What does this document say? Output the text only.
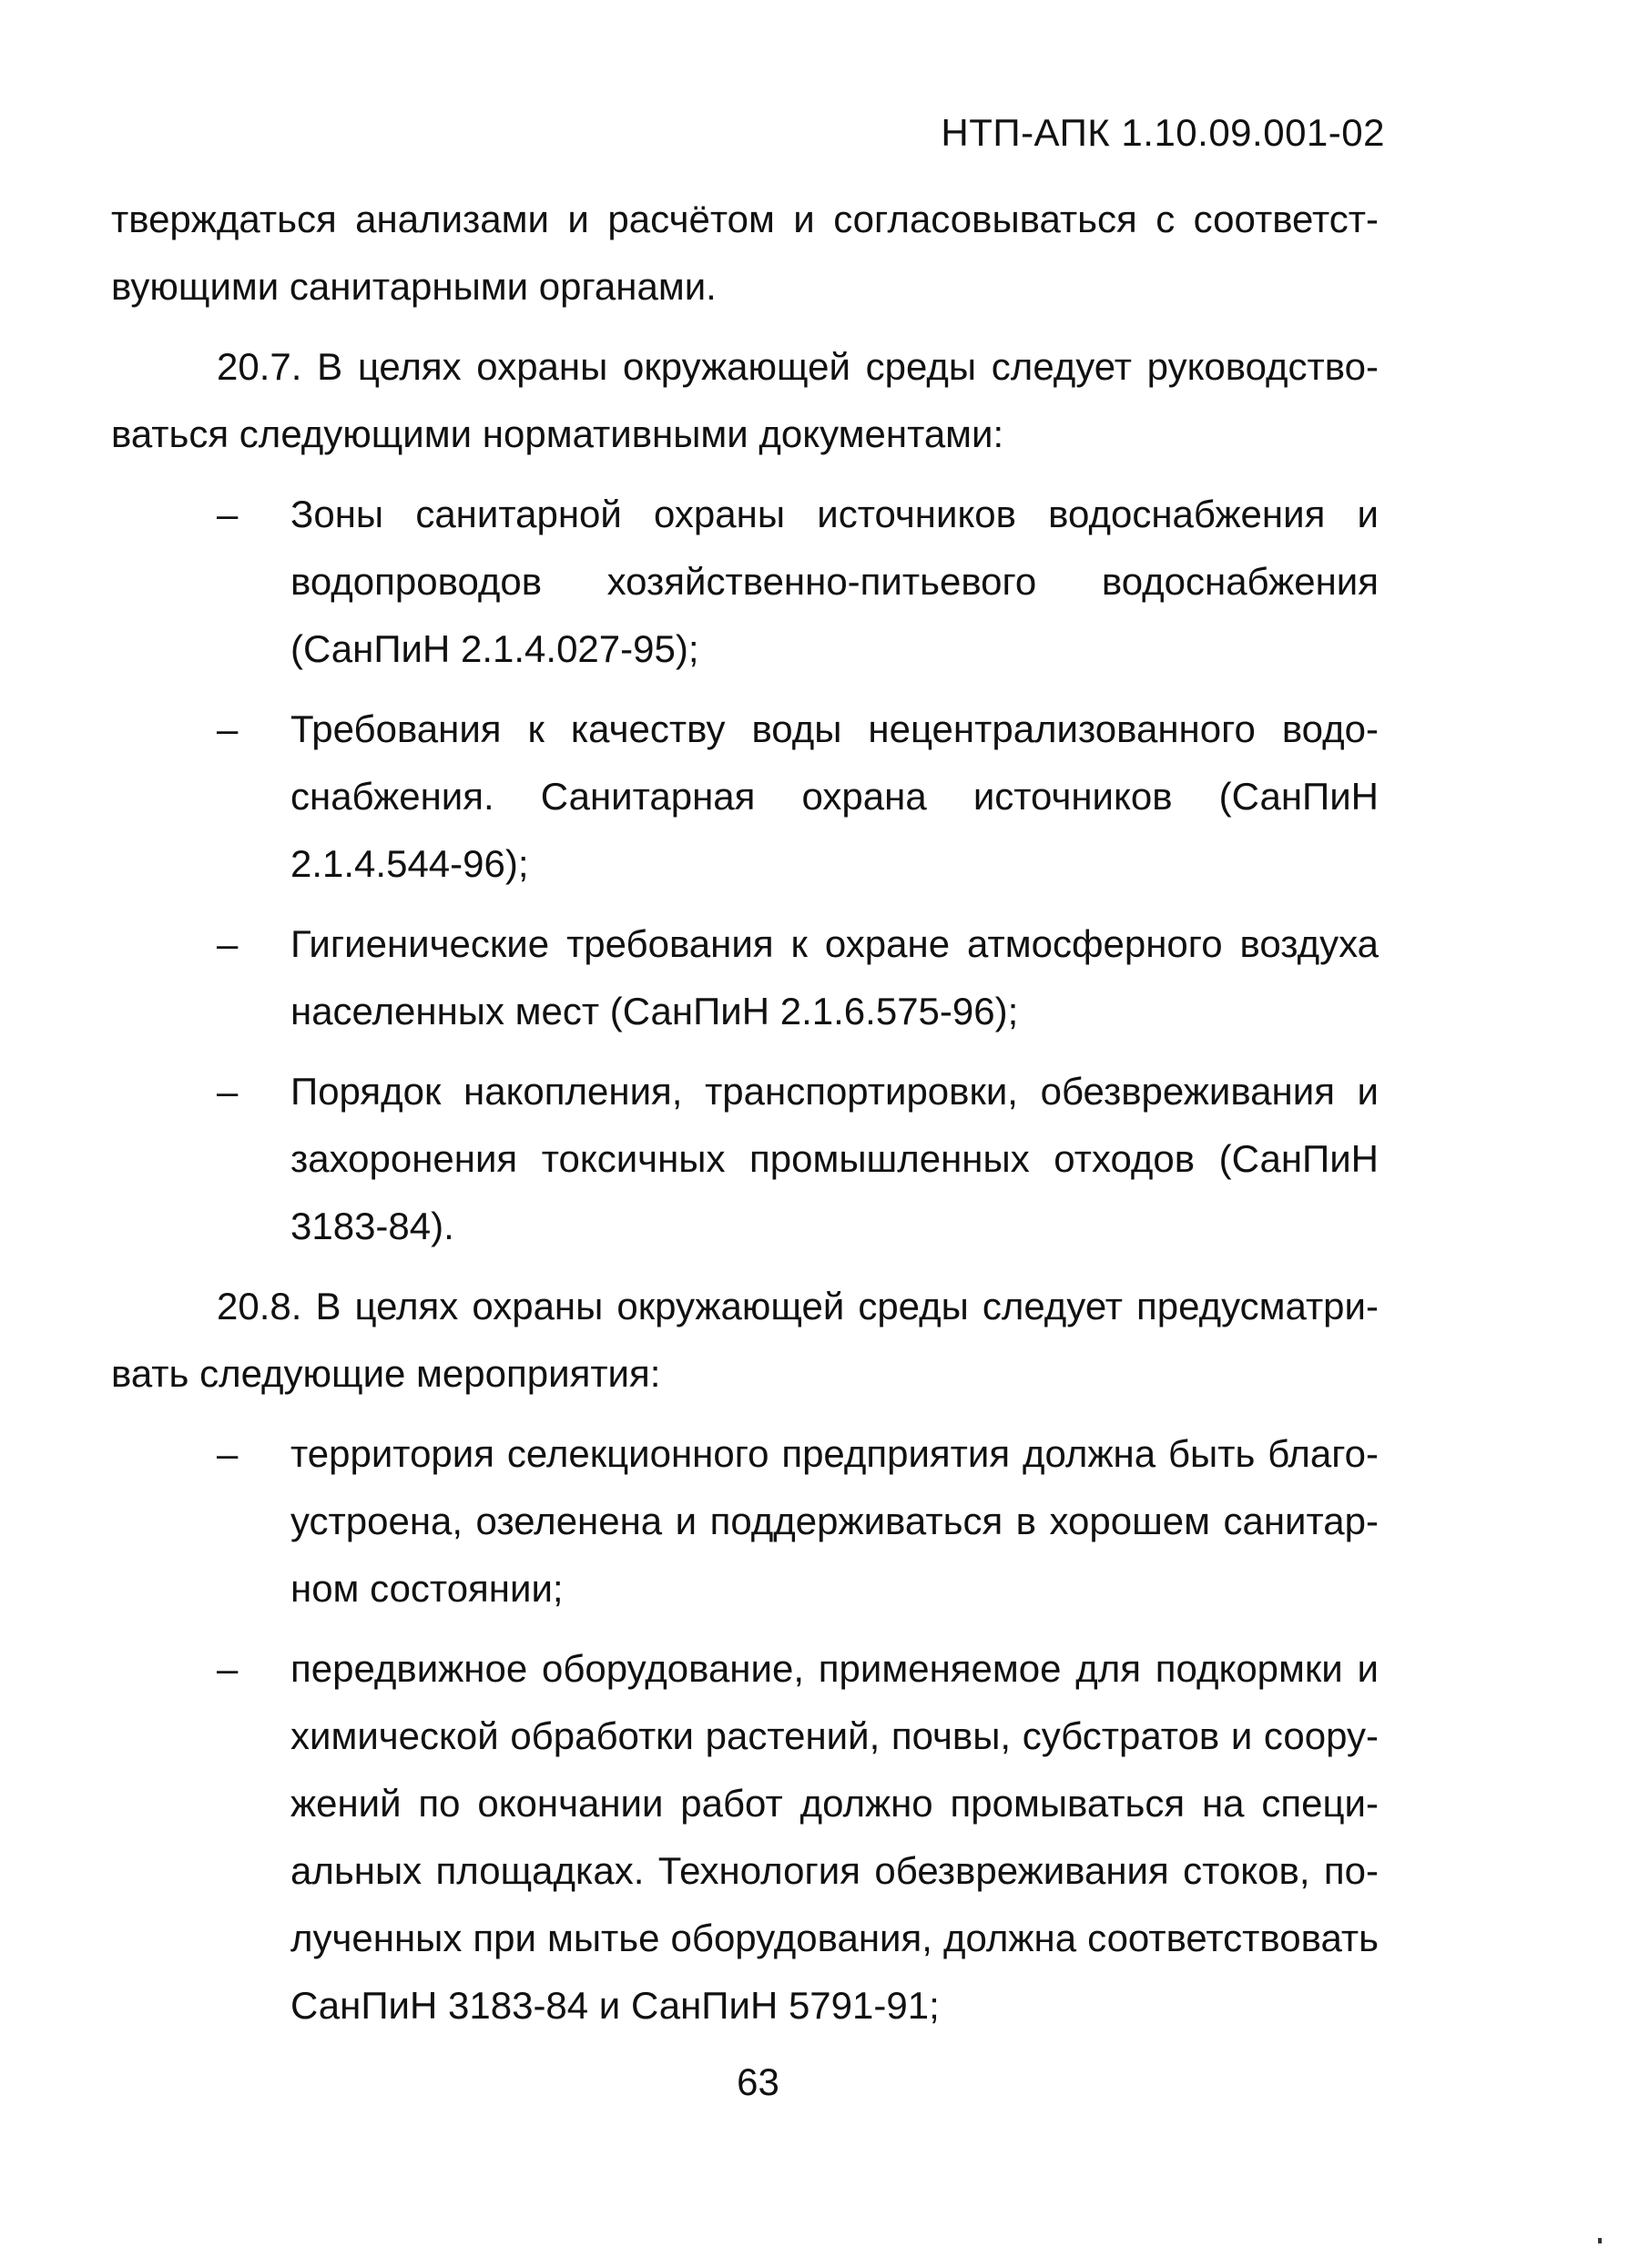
НТП-АПК 1.10.09.001-02

тверждаться анализами и расчётом и согласовываться с соответствующими санитарными органами.

20.7. В целях охраны окружающей среды следует руководствоваться следующими нормативными документами:

– Зоны санитарной охраны источников водоснабжения и водопроводов хозяйственно-питьевого водоснабжения (СанПиН 2.1.4.027-95);
– Требования к качеству воды нецентрализованного водоснабжения. Санитарная охрана источников (СанПиН 2.1.4.544-96);
– Гигиенические требования к охране атмосферного воздуха населенных мест (СанПиН 2.1.6.575-96);
– Порядок накопления, транспортировки, обезвреживания и захоронения токсичных промышленных отходов (СанПиН 3183-84).

20.8. В целях охраны окружающей среды следует предусматривать следующие мероприятия:

– территория селекционного предприятия должна быть благоустроена, озеленена и поддерживаться в хорошем санитарном состоянии;
– передвижное оборудование, применяемое для подкормки и химической обработки растений, почвы, субстратов и сооружений по окончании работ должно промываться на специальных площадках. Технология обезвреживания стоков, полученных при мытье оборудования, должна соответствовать СанПиН 3183-84 и СанПиН 5791-91;
63
